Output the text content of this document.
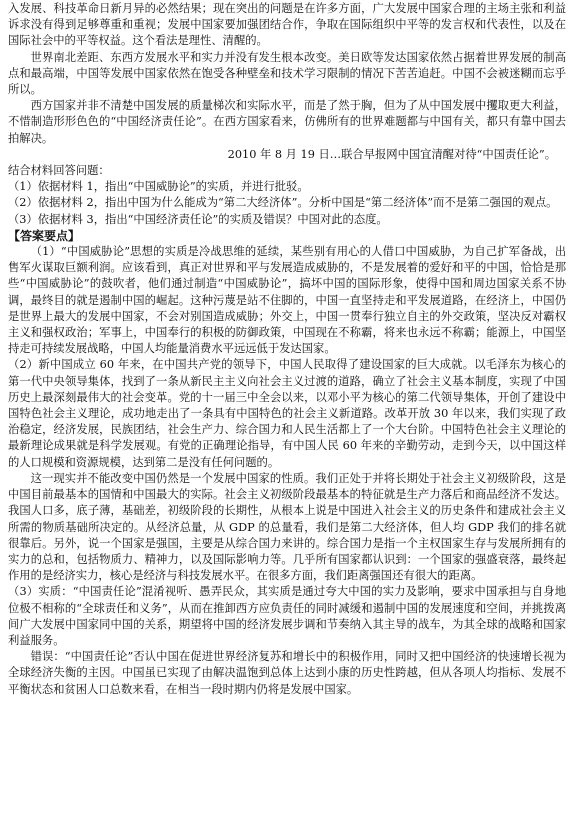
入发展、科技革命日新月异的必然结果；现在突出的问题是在许多方面，广大发展中国家合理的主场主张和利益诉求没有得到足够尊重和重视；发展中国家要加强团结合作，争取在国际组织中平等的发言权和代表性，以及在国际社会中的平等权益。这个看法是理性、清醒的。

世界南北差距、东西方发展水平和实力并没有发生根本改变。美日欧等发达国家依然占据着世界发展的制高点和最高端，中国等发展中国家依然在饱受各种壁垒和技术学习限制的情况下苦苦追赶。中国不会被迷糊而忘乎所以。

西方国家并非不清楚中国发展的质量梯次和实际水平，而是了然于胸，但为了从中国发展中攫取更大利益，不惜制造形形色色的“中国经济责任论”。在西方国家看来，仿佛所有的世界难题都与中国有关，都只有靠中国去拍解决。

2010 年 8 月 19 日…联合早报网中国宜清醒对待“中国责任论”。

结合材料回答问题：

（1）依据材料 1，指出“中国威胁论”的实质，并进行批驳。

（2）依据材料 2，指出中国为什么能成为“第二大经济体”。分析中国是“第二经济体”而不是第二强国的观点。

（3）依据材料 3，指出“中国经济责任论”的实质及错误？中国对此的态度。

【答案要点】

（1）“中国威胁论”思想的实质是冷战思维的延续，某些别有用心的人借口中国威胁，为自己扩军备战，出售军火谋取巨额利润。应该看到，真正对世界和平与发展造成威胁的，不是发展着的爱好和平的中国，恰恰是那些“中国威胁论”的鼓吹者，他们通过制造“中国威胁论”，搞坏中国的国际形象，使得中国和周边国家关系不协调，最终目的就是遏制中国的崛起。这种污蔑是站不住脚的，中国一直坚持走和平发展道路，在经济上，中国仍是世界上最大的发展中国家，不会对别国造成威胁；外交上，中国一贯奉行独立自主的外交政策，坚决反对霸权主义和强权政治；军事上，中国奉行的积极的防御政策，中国现在不称霸，将来也永远不称霸；能源上，中国坚持走可持续发展战略，中国人均能量消费水平远远低于发达国家。

（2）新中国成立 60 年来，在中国共产党的领导下，中国人民取得了建设国家的巨大成就。以毛泽东为核心的第一代中央领导集体，找到了一条从新民主主义向社会主义过渡的道路，确立了社会主义基本制度，实现了中国历史上最深刻最伟大的社会变革。党的十一届三中全会以来，以邓小平为核心的第二代领导集体，开创了建设中国特色社会主义理论，成功地走出了一条具有中国特色的社会主义新道路。改革开放 30 年以来，我们实现了政治稳定，经济发展，民族团结，社会生产力、综合国力和人民生活都上了一个大台阶。中国特色社会主义理论的最新理论成果就是科学发展观。有党的正确理论指导，有中国人民 60 年来的辛勤劳动，走到今天，以中国这样的人口规模和资源规模，达到第二是没有任何问题的。

这一现实并不能改变中国仍然是一个发展中国家的性质。我们正处于并将长期处于社会主义初级阶段，这是中国目前最基本的国情和中国最大的实际。社会主义初级阶段最基本的特征就是生产力落后和商品经济不发达。我国人口多，底子薄，基础差，初级阶段的长期性，从根本上说是中国进入社会主义的历史条件和建成社会主义所需的物质基础所决定的。从经济总量，从 GDP 的总量看，我们是第二大经济体，但人均 GDP 我们的排名就很靠后。另外，说一个国家是强国，主要是从综合国力来讲的。综合国力是指一个主权国家生存与发展所拥有的实力的总和，包括物质力、精神力，以及国际影响力等。几乎所有国家都认识到：一个国家的强盛衰落，最终起作用的是经济实力，核心是经济与科技发展水平。在很多方面，我们距离强国还有很大的距离。

（3）实质：“中国责任论”混淆视听、愚弄民众，其实质是通过夸大中国的实力及影响，要求中国承担与自身地位极不相称的“全球责任和义务”，从而在推卸西方应负责任的同时减缓和遏制中国的发展速度和空间，并挑拨离间广大发展中国家同中国的关系，期望将中国的经济发展步调和节奏纳入其主导的战车，为其全球的战略和国家利益服务。

错误：“中国责任论”否认中国在促进世界经济复苏和增长中的积极作用，同时又把中国经济的快速增长视为全球经济失衡的主因。中国虽已实现了由解决温饱到总体上达到小康的历史性跨越，但从各项人均指标、发展不平衡状态和贫困人口总数来看，在相当一段时期内仍将是发展中国家。
